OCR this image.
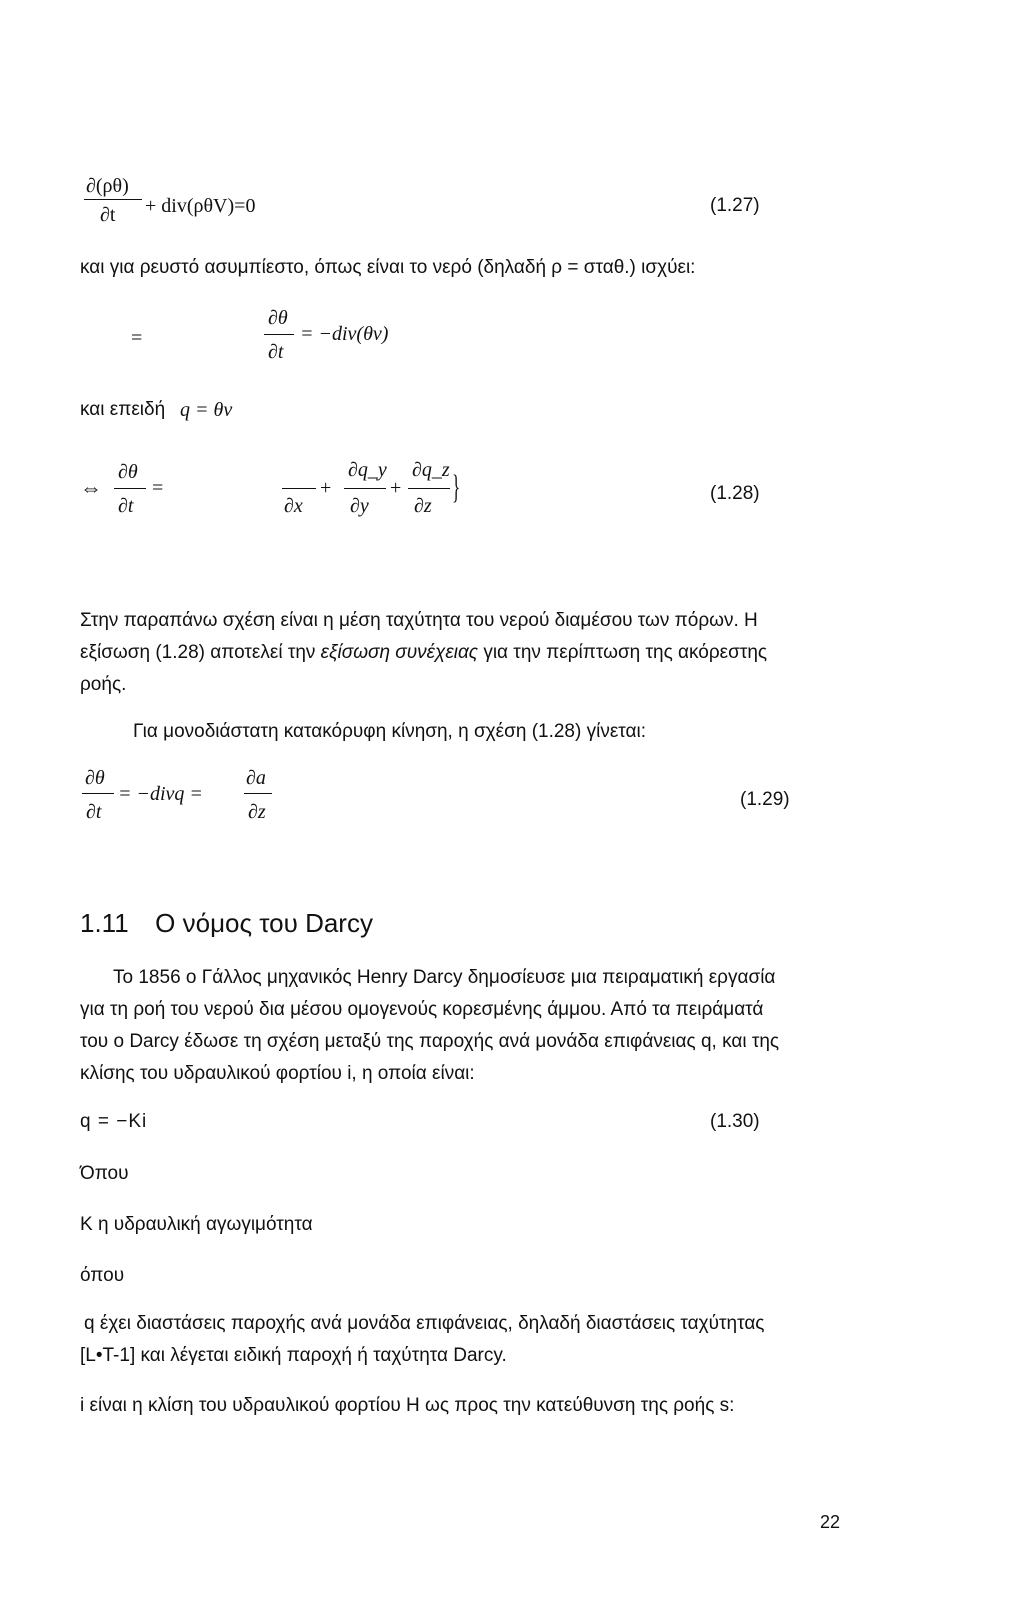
∂(ρθ)
∂t + div(ρθV)=0	(1.27)
και για ρευστό ασυμπίεστο, όπως είναι το νερό (δηλαδή ρ = σταθ.) ισχύει:
=
∂θ
∂t
= −div(θv)
και επειδή q = θv
⇔
∂θ
∂t
=
∂x
+
∂q_y
∂y
+
∂q_z
∂z }	(1.28)
Στην παραπάνω σχέση είναι η μέση ταχύτητα του νερού διαμέσου των πόρων. Η
εξίσωση (1.28) αποτελεί την εξίσωση συνέχειας για την περίπτωση της ακόρεστης
ροής.
Για μονοδιάστατη κατακόρυφη κίνηση, η σχέση (1.28) γίνεται:
∂θ
∂t
= −divq =
∂a
∂z
(1.29)
1.11 Ο νόμος του Darcy
Το 1856 ο Γάλλος μηχανικός Henry Darcy δημοσίευσε μια πειραματική εργασία
για τη ροή του νερού δια μέσου ομογενούς κορεσμένης άμμου. Από τα πειράματά
του ο Darcy έδωσε τη σχέση μεταξύ της παροχής ανά μονάδα επιφάνειας q, και της
κλίσης του υδραυλικού φορτίου i, η οποία είναι:
q = −Ki	(1.30)
Όπου
Κ η υδραυλική αγωγιμότητα
όπου
q έχει διαστάσεις παροχής ανά μονάδα επιφάνειας, δηλαδή διαστάσεις ταχύτητας
[L•T-1] και λέγεται ειδική παροχή ή ταχύτητα Darcy.
i είναι η κλίση του υδραυλικού φορτίου Η ως προς την κατεύθυνση της ροής s:
22
